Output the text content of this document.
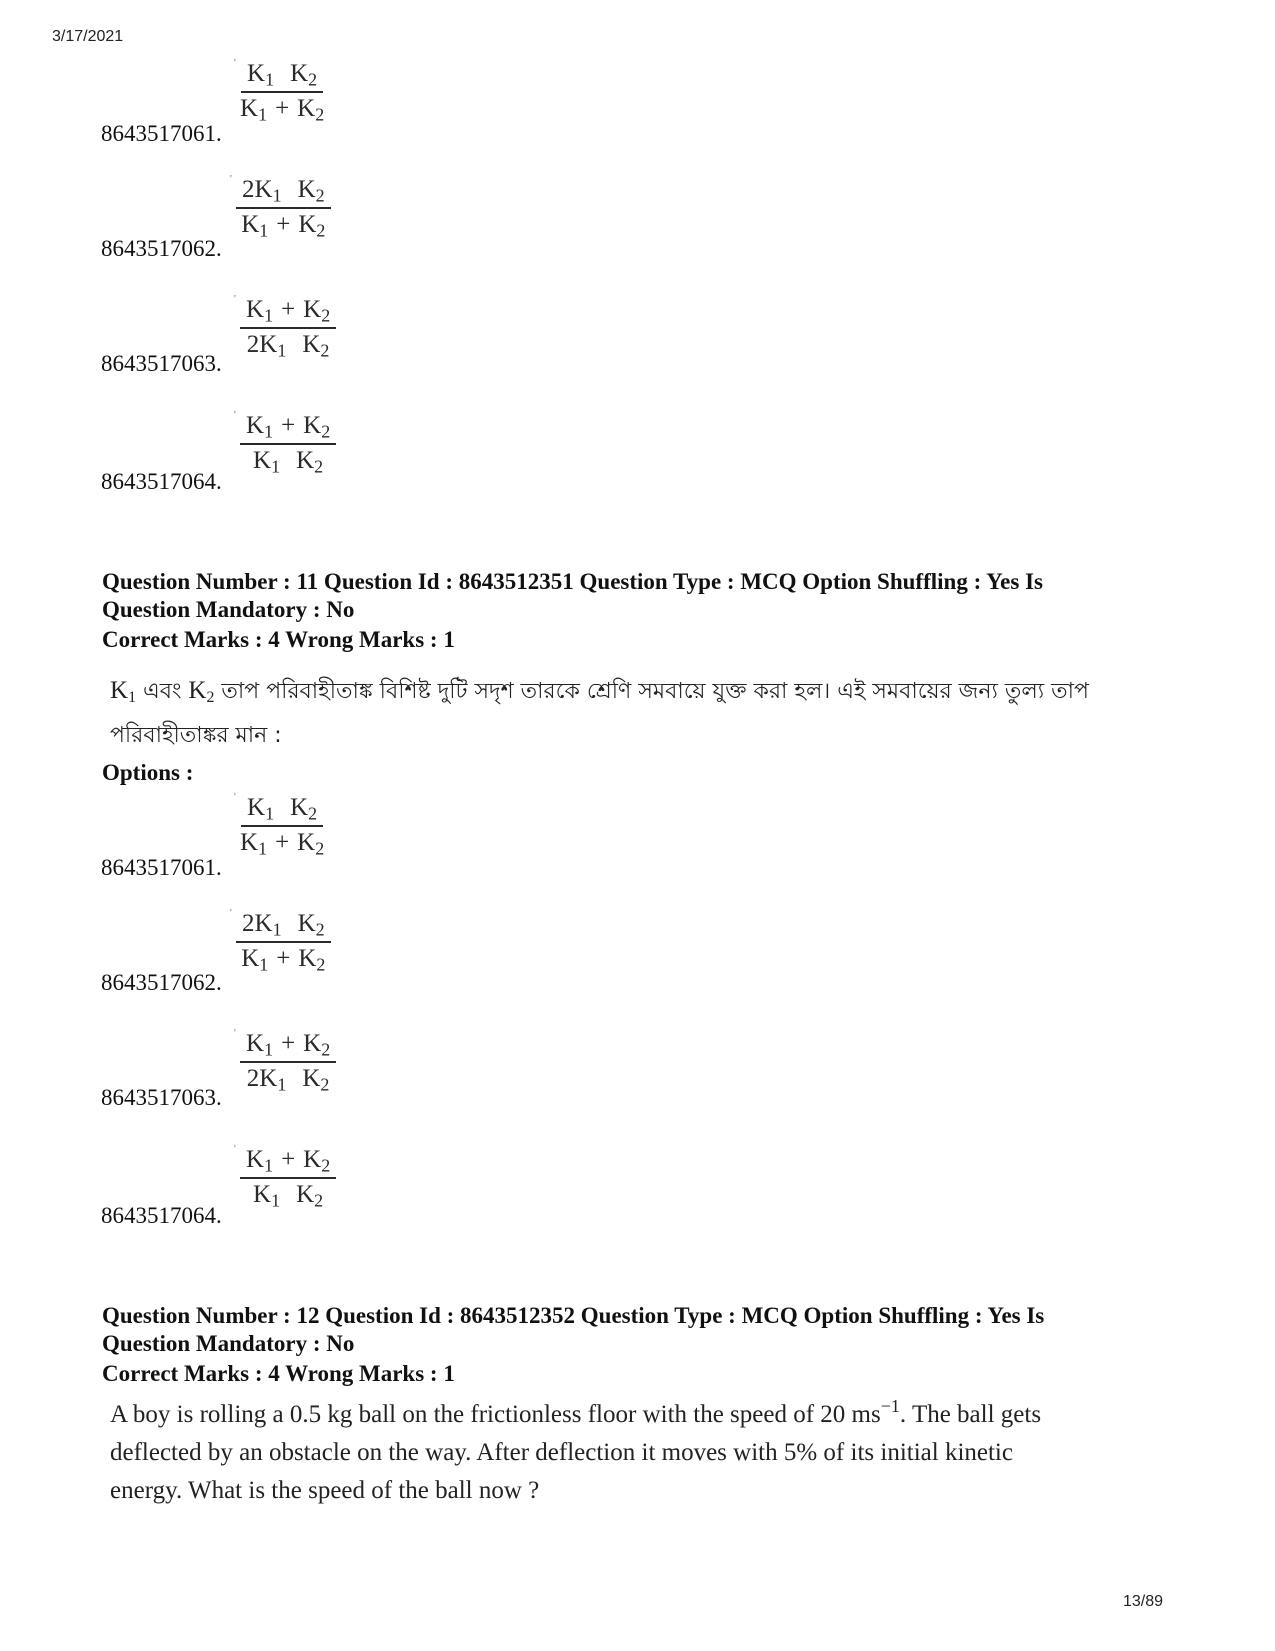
3/17/2021
' $K_1$ $K_2$
$K_1 + K_2$
8643517061.
' $2K_1$ $K_2$
$K_1 + K_2$
8643517062.
' $K_1 + K_2$
$2K_1$ $K_2$
8643517063.
' $K_1 + K_2$
$K_1$ $K_2$
8643517064.
Question Number : 11 Question Id : 8643512351 Question Type : MCQ Option Shuffling : Yes Is
Question Mandatory : No
Correct Marks : 4 Wrong Marks : 1
$K_1$ এবং $K_2$ তাপ পরিবাহীতাঙ্ক বিশিষ্ট দুটি সদৃশ তারকে শ্রেণি সমবায়ে যুক্ত করা হল। এই সমবায়ের জন্য তুল্য তাপ
পরিবাহীতাঙ্কর মান :
Options :
' $K_1$ $K_2$
$K_1 + K_2$
8643517061.
' $2K_1$ $K_2$
$K_1 + K_2$
8643517062.
' $K_1 + K_2$
$2K_1$ $K_2$
8643517063.
' $K_1 + K_2$
$K_1$ $K_2$
8643517064.
Question Number : 12 Question Id : 8643512352 Question Type : MCQ Option Shuffling : Yes Is
Question Mandatory : No
Correct Marks : 4 Wrong Marks : 1
A boy is rolling a 0.5 kg ball on the frictionless floor with the speed of 20 $ms^{-1}$. The ball gets
deflected by an obstacle on the way. After deflection it moves with 5% of its initial kinetic
energy. What is the speed of the ball now ?
13/89
